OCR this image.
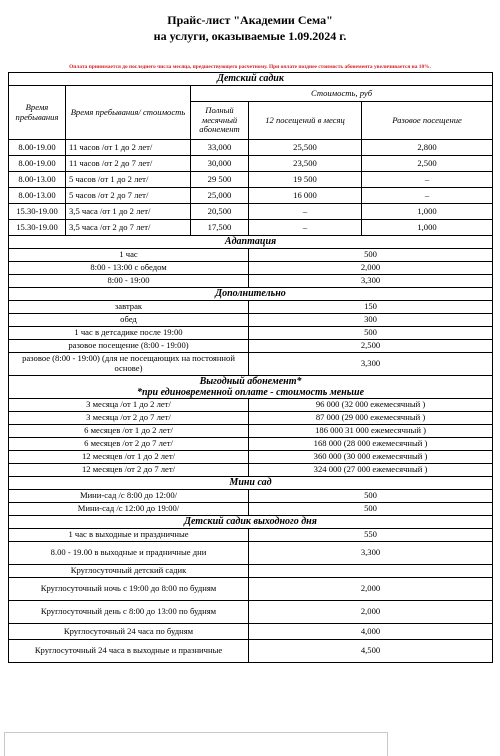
Прайс-лист "Академии Сема"
на услуги, оказываемые 1.09.2024 г.
Оплата принимается до последнего числа месяца, предшествующего расчетному. При оплате позднее стоимость абонемента увеличивается на 10%.
Детский садик				
Время пребывания	Время пребывания/ стоимость	Стоимость, руб		
		Полный месячный абонемент	12 посещений в месяц	Разовое посещение
8.00-19.00	11 часов /от 1 до 2 лет/	33,000	25,500	2,800
8.00-19.00	11 часов /от 2 до 7 лет/	30,000	23,500	2,500
8.00-13.00	5 часов /от 1 до 2 лет/	29 500	19 500	–
8.00-13.00	5 часов /от 2 до 7 лет/	25,000	16 000	–
15.30-19.00	3,5 часа /от 1 до 2 лет/	20,500	–	1,000
15.30-19.00	3,5 часа /от 2 до 7 лет/	17,500	–	1,000
Адаптация				
1 час			500	
8:00 - 13:00 с обедом			2,000	
8:00 - 19:00			3,300	
Дополнительно				
завтрак			150	
обед			300	
1 час в детсадике после 19:00			500	
разовое посещение (8:00 - 19:00)			2,500	
разовое (8:00 - 19:00) (для не посещающих на постоянной основе)			3,300	
Выгодный абонемент*
*при единовременной оплате - стоимость меньше				
3 месяца /от 1 до 2 лет/			96 000 (32 000 ежемесячный )	
3 месяца /от 2 до 7 лет/			87 000 (29 000 ежемесячный )	
6 месяцев /от 1 до 2 лет/			186 000 31 000 ежемесячный )	
6 месяцев /от 2 до 7 лет/			168 000 (28 000 ежемесячный )	
12 месяцев /от 1 до 2 лет/			360 000 (30 000 ежемесячный )	
12 месяцев /от 2 до 7 лет/			324 000 (27 000 ежемесячный )	
Мини сад				
Мини-сад /с 8:00 до 12:00/			500	
Мини-сад /с 12:00 до 19:00/			500	
Детский садик выходного дня				
1 час в выходные и праздничные			550	
8.00 - 19.00 в выходные и прадничные дни			3,300	
Круглосуточный детский садик				
Круглосуточный ночь с 19:00 до 8:00 по будням			2,000	
Круглосуточный день с 8:00 до 13:00 по будням			2,000	
Круглосуточный 24 часа по будням			4,000	
Круглосуточный 24 часа в выходные и празничные			4,500	
